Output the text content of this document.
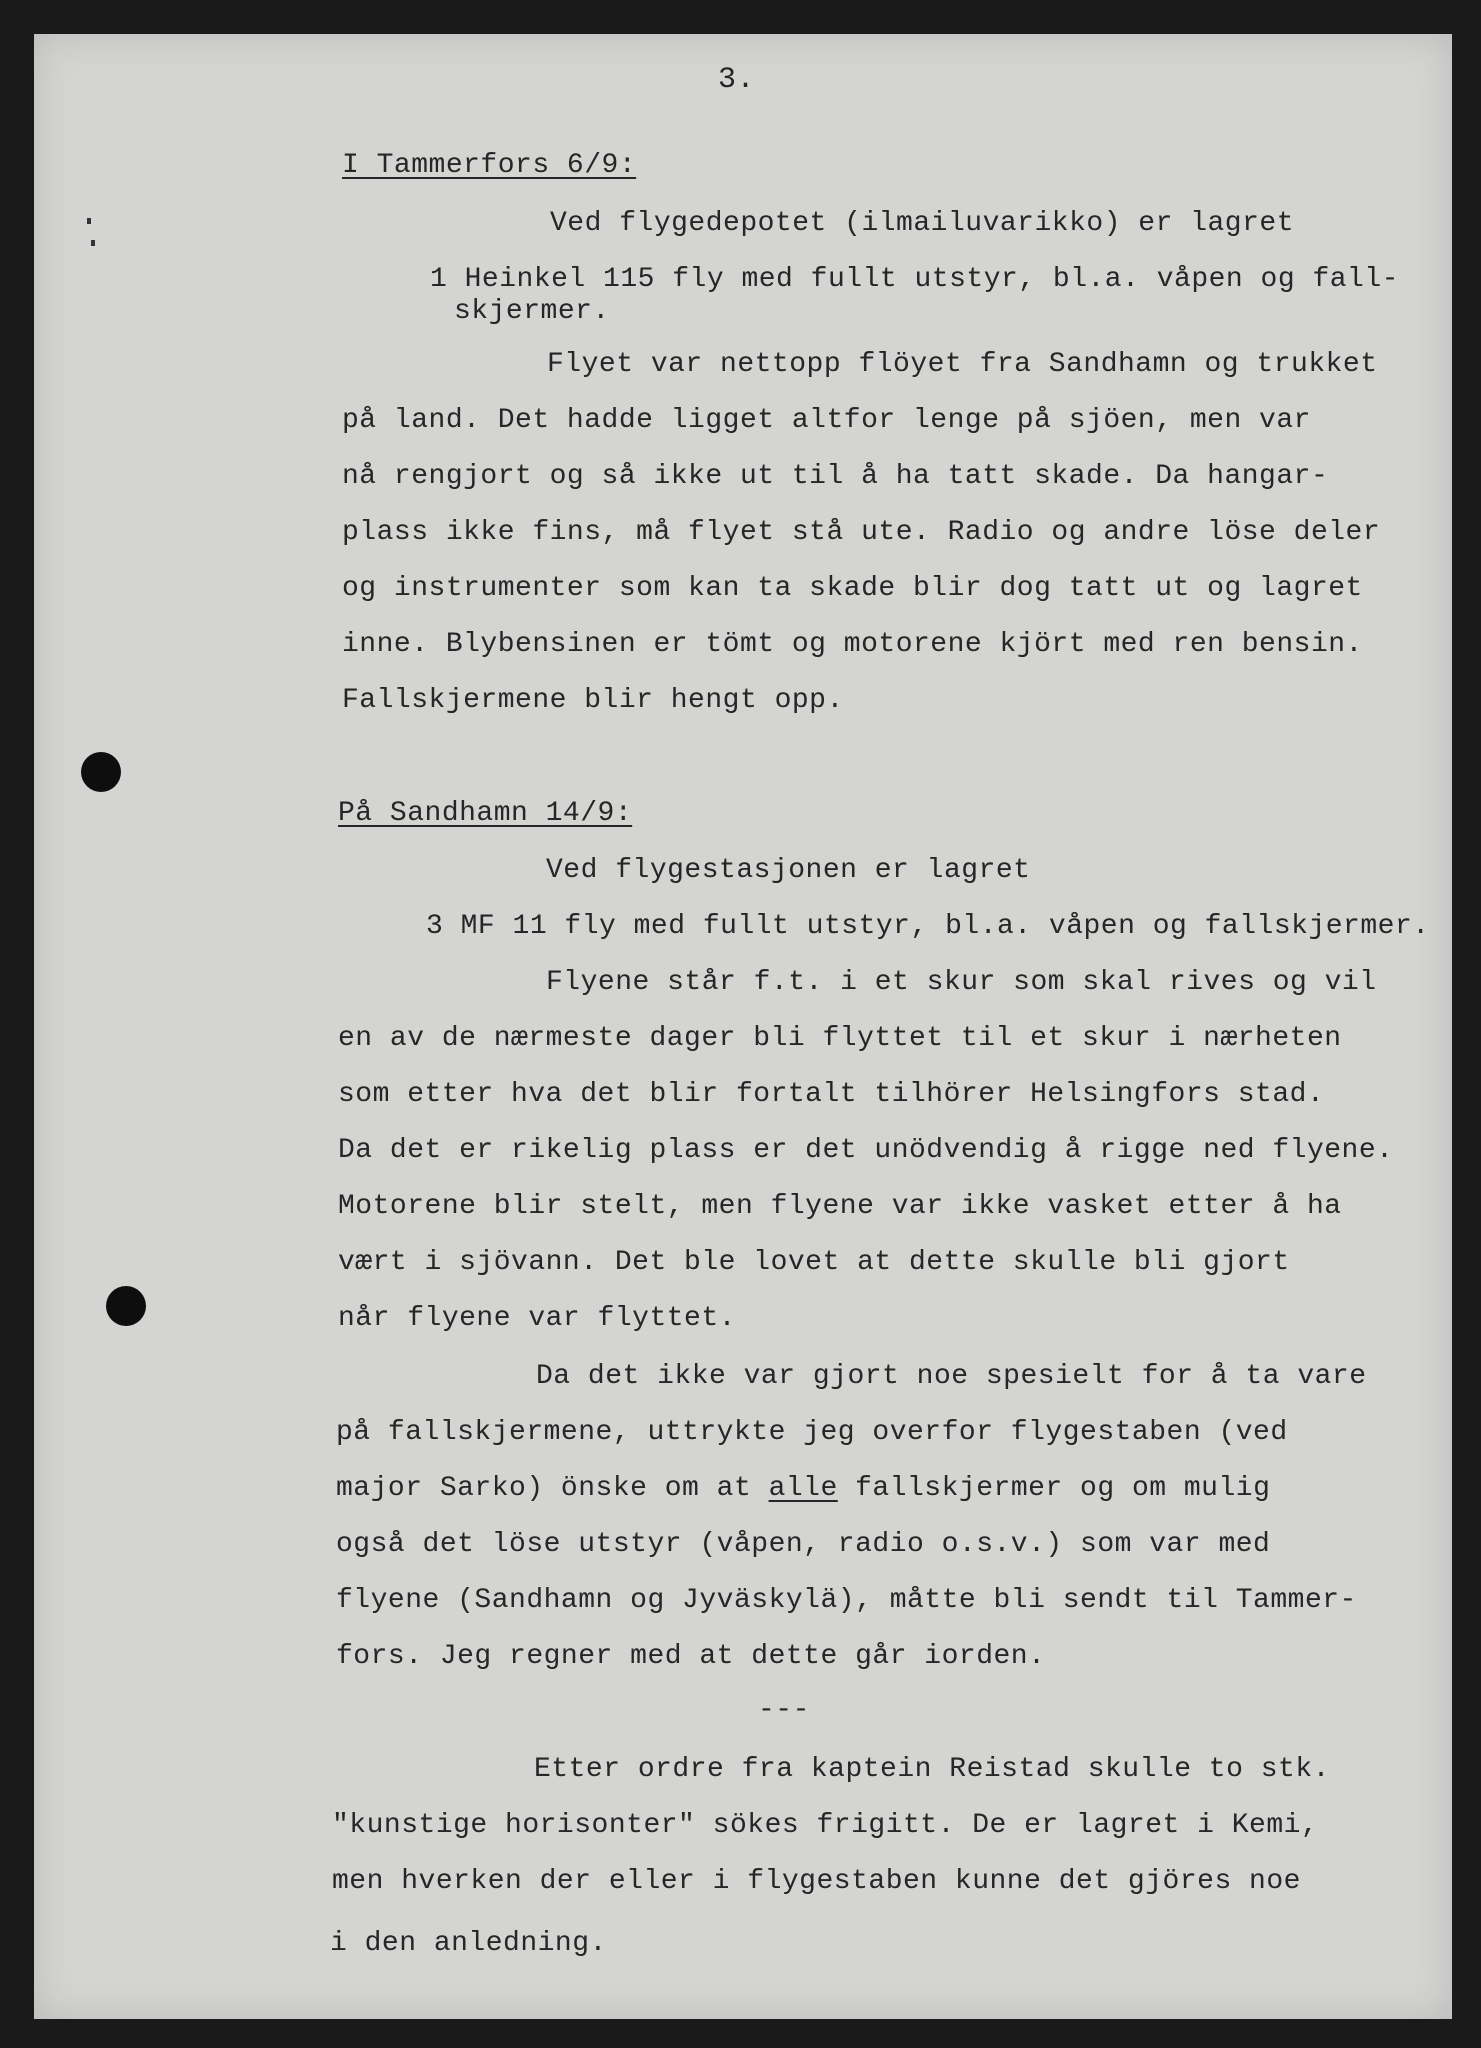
3.
I Tammerfors 6/9:
Ved flygedepotet (ilmailuvarikko) er lagret
1 Heinkel 115 fly med fullt utstyr, bl.a. våpen og fall-
skjermer.
Flyet var nettopp flöyet fra Sandhamn og trukket
på land. Det hadde ligget altfor lenge på sjöen, men var
nå rengjort og så ikke ut til å ha tatt skade. Da hangar-
plass ikke fins, må flyet stå ute. Radio og andre löse deler
og instrumenter som kan ta skade blir dog tatt ut og lagret
inne. Blybensinen er tömt og motorene kjört med ren bensin.
Fallskjermene blir hengt opp.
På Sandhamn 14/9:
Ved flygestasjonen er lagret
3 MF 11 fly med fullt utstyr, bl.a. våpen og fallskjermer.
Flyene står f.t. i et skur som skal rives og vil
en av de nærmeste dager bli flyttet til et skur i nærheten
som etter hva det blir fortalt tilhörer Helsingfors stad.
Da det er rikelig plass er det unödvendig å rigge ned flyene.
Motorene blir stelt, men flyene var ikke vasket etter å ha
vært i sjövann. Det ble lovet at dette skulle bli gjort
når flyene var flyttet.
Da det ikke var gjort noe spesielt for å ta vare
på fallskjermene, uttrykte jeg overfor flygestaben (ved
major Sarko) önske om at alle fallskjermer og om mulig
også det löse utstyr (våpen, radio o.s.v.) som var med
flyene (Sandhamn og Jyväskylä), måtte bli sendt til Tammer-
fors. Jeg regner med at dette går iorden.
---
Etter ordre fra kaptein Reistad skulle to stk.
"kunstige horisonter" sökes frigitt. De er lagret i Kemi,
men hverken der eller i flygestaben kunne det gjöres noe
i den anledning.
